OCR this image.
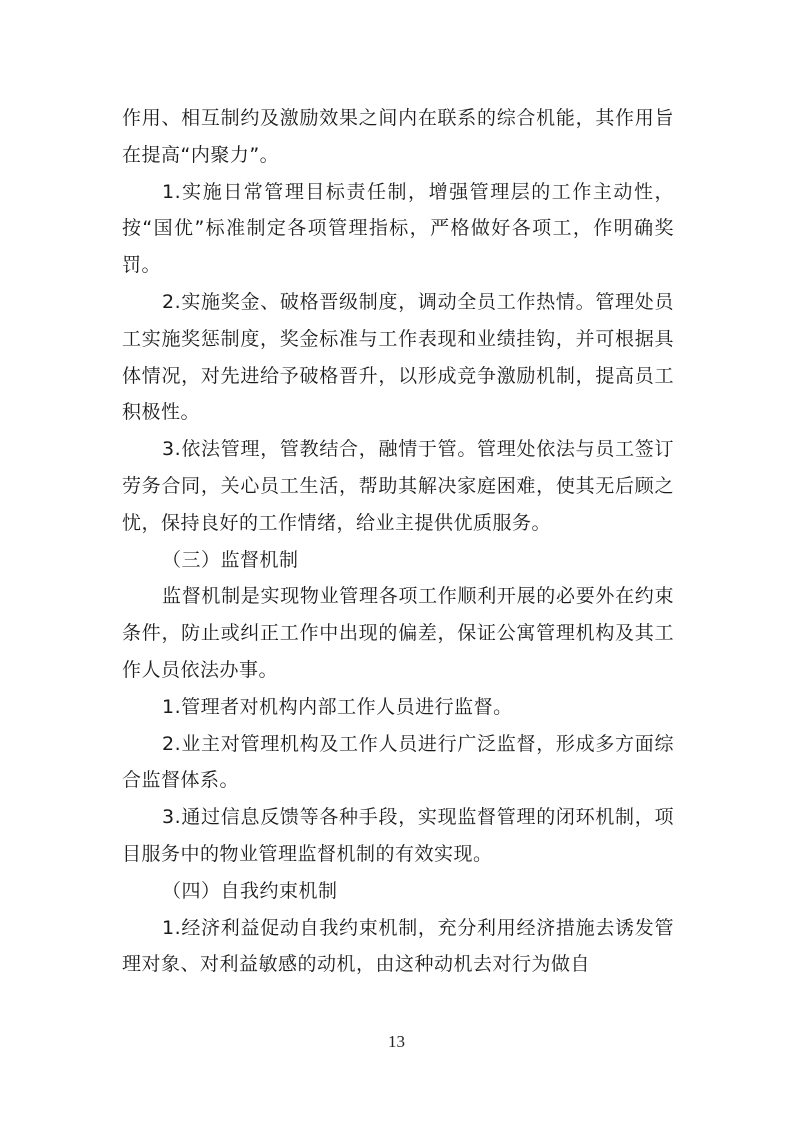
作用、相互制约及激励效果之间内在联系的综合机能，其作用旨在提高“内聚力”。

1.实施日常管理目标责任制，增强管理层的工作主动性，按“国优”标准制定各项管理指标，严格做好各项工，作明确奖罚。

2.实施奖金、破格晋级制度，调动全员工作热情。管理处员工实施奖惩制度，奖金标准与工作表现和业绩挂钩，并可根据具体情况，对先进给予破格晋升，以形成竞争激励机制，提高员工积极性。

3.依法管理，管教结合，融情于管。管理处依法与员工签订劳务合同，关心员工生活，帮助其解决家庭困难，使其无后顾之忧，保持良好的工作情绪，给业主提供优质服务。

（三）监督机制

监督机制是实现物业管理各项工作顺利开展的必要外在约束条件，防止或纠正工作中出现的偏差，保证公寓管理机构及其工作人员依法办事。

1.管理者对机构内部工作人员进行监督。

2.业主对管理机构及工作人员进行广泛监督，形成多方面综合监督体系。

3.通过信息反馈等各种手段，实现监督管理的闭环机制，项目服务中的物业管理监督机制的有效实现。

（四）自我约束机制

1.经济利益促动自我约束机制，充分利用经济措施去诱发管理对象、对利益敏感的动机，由这种动机去对行为做自

13
